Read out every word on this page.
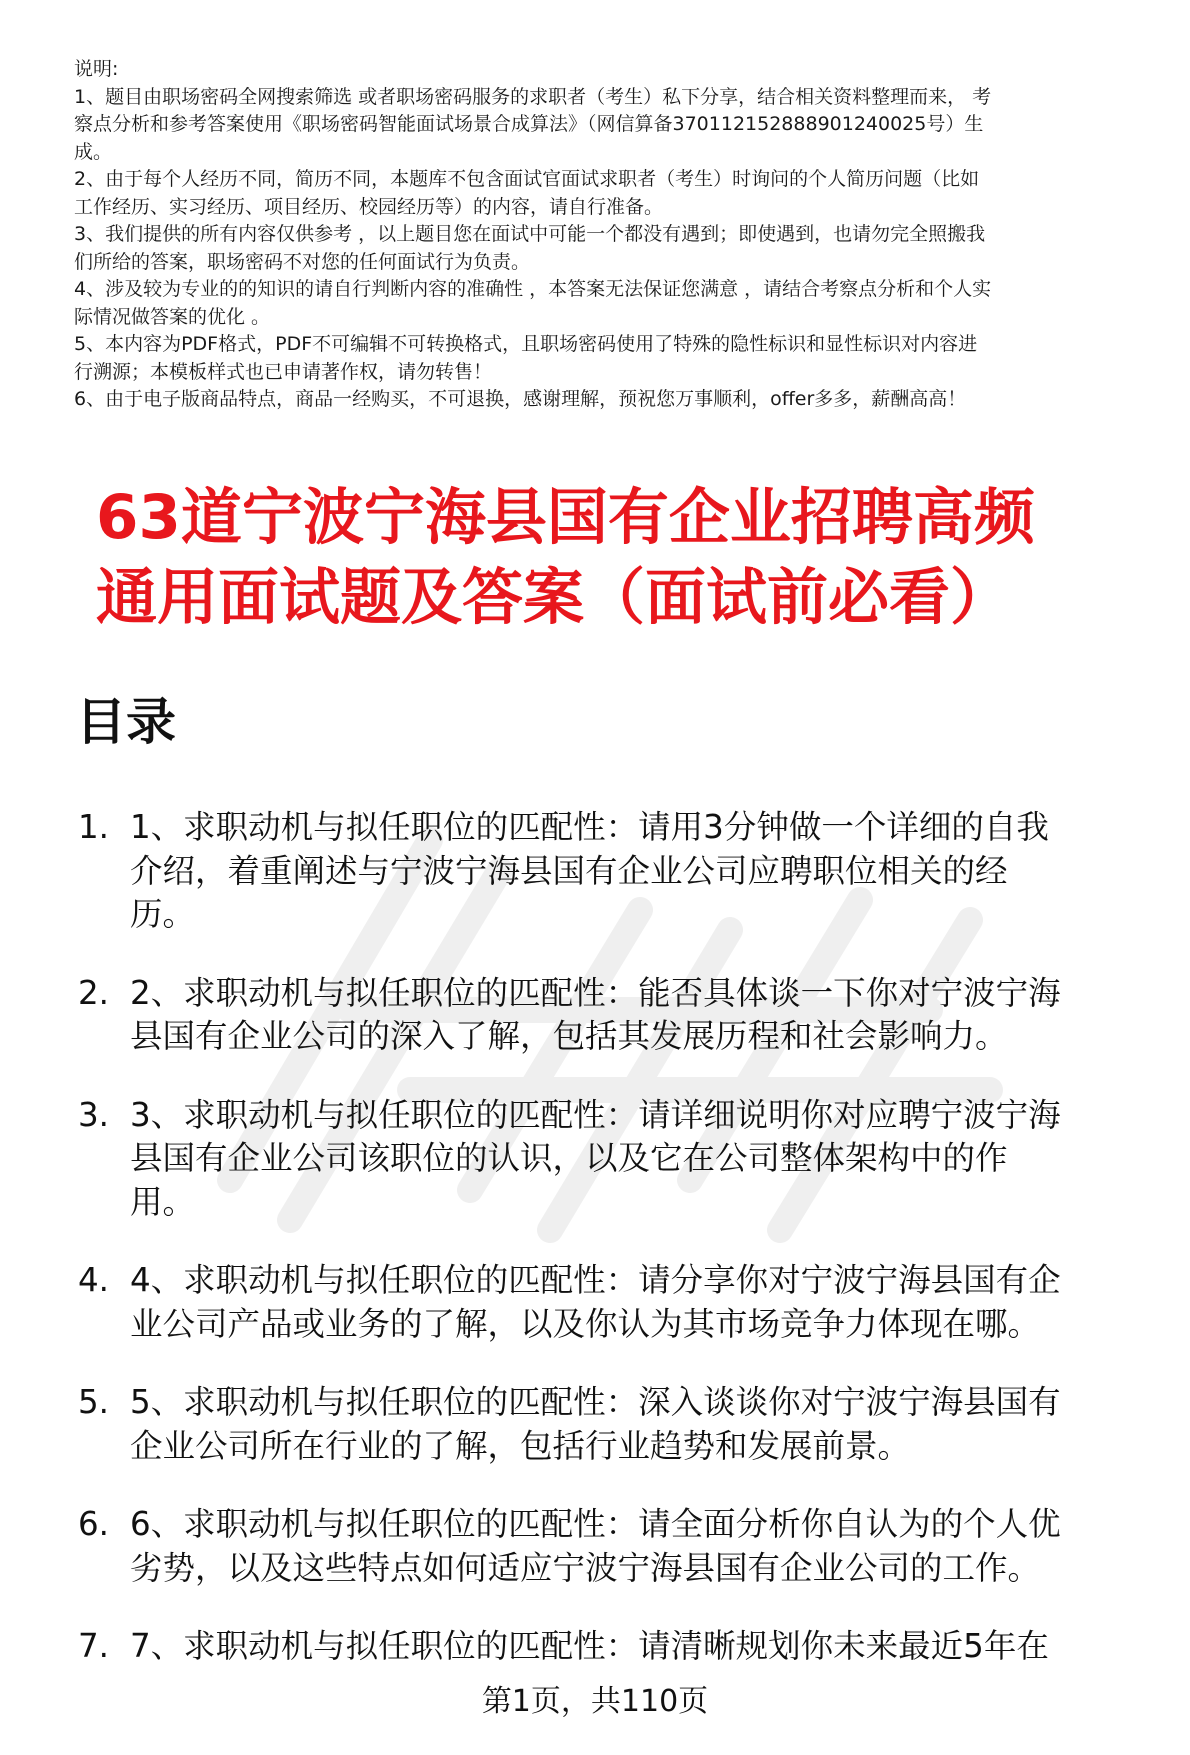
说明:

1、题目由职场密码全网搜索筛选 或者职场密码服务的求职者（考生）私下分享，结合相关资料整理而来， 考

察点分析和参考答案使用《职场密码智能面试场景合成算法》（网信算备370112152888901240025号）生

成。

2、由于每个人经历不同，简历不同，本题库不包含面试官面试求职者（考生）时询问的个人简历问题（比如

工作经历、实习经历、项目经历、校园经历等）的内容，请自行准备。

3、我们提供的所有内容仅供参考 ，以上题目您在面试中可能一个都没有遇到；即使遇到，也请勿完全照搬我

们所给的答案，职场密码不对您的任何面试行为负责。

4、涉及较为专业的的知识的请自行判断内容的准确性 ，本答案无法保证您满意 ，请结合考察点分析和个人实

际情况做答案的优化 。

5、本内容为PDF格式，PDF不可编辑不可转换格式，且职场密码使用了特殊的隐性标识和显性标识对内容进

行溯源；本模板样式也已申请著作权，请勿转售！

6、由于电子版商品特点，商品一经购买，不可退换，感谢理解，预祝您万事顺利，offer多多，薪酬高高！

63道宁波宁海县国有企业招聘高频

通用面试题及答案（面试前必看）

目录
1. 1、求职动机与拟任职位的匹配性：请用3分钟做一个详细的自我
介绍，着重阐述与宁波宁海县国有企业公司应聘职位相关的经
历。
2. 2、求职动机与拟任职位的匹配性：能否具体谈一下你对宁波宁海
县国有企业公司的深入了解，包括其发展历程和社会影响力。
3. 3、求职动机与拟任职位的匹配性：请详细说明你对应聘宁波宁海
县国有企业公司该职位的认识，以及它在公司整体架构中的作
用。
4. 4、求职动机与拟任职位的匹配性：请分享你对宁波宁海县国有企
业公司产品或业务的了解，以及你认为其市场竞争力体现在哪。
5. 5、求职动机与拟任职位的匹配性：深入谈谈你对宁波宁海县国有
企业公司所在行业的了解，包括行业趋势和发展前景。
6. 6、求职动机与拟任职位的匹配性：请全面分析你自认为的个人优
劣势，以及这些特点如何适应宁波宁海县国有企业公司的工作。
7. 7、求职动机与拟任职位的匹配性：请清晰规划你未来最近5年在
第1页，共110页
